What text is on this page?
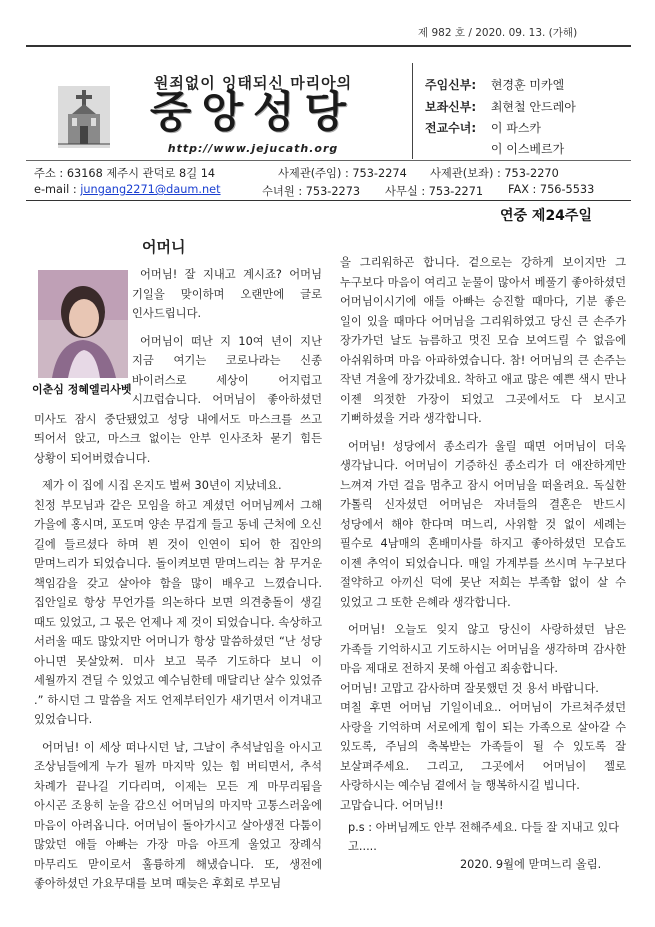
제 982 호 / 2020. 09. 13. (가해)
원죄없이 잉태되신 마리아의
중앙성당
http://www.jejucath.org
주임신부: 현경훈 미카엘
보좌신부: 최현철 안드레아
전교수녀: 이 파스카
이 이스베르가
주소 : 63168 제주시 관덕로 8길 14	사제관(주임) : 753-2274 사제관(보좌) : 753-2270
e-mail : jungang2271@daum.net	수녀원 : 753-2273 사무실 : 753-2271 FAX : 756-5533
연중 제24주일
어머니

어머님! 잘 지내고 계시죠? 어머님 기일을 맞이하며 오랜만에 글로 인사드립니다.

어머님이 떠난 지 10여 년이 지난 지금 여기는 코로나라는 신종 바이러스로 세상이 어지럽고 시끄럽습니다. 어머님이 좋아하셨던 미사도 잠시 중단됐었고 성당 내에서도 마스크를 쓰고 띄어서 앉고, 마스크 없이는 안부 인사조차 묻기 힘든 상황이 되어버렸습니다.

제가 이 집에 시집 온지도 벌써 30년이 지났네요.
친정 부모님과 같은 모임을 하고 계셨던 어머님께서 그해 가을에 홍시며, 포도며 양손 무겁게 들고 동네 근처에 오신 길에 들르셨다 하며 뵌 것이 인연이 되어 한 집안의 맏며느리가 되었습니다. 돌이켜보면 맏며느리는 참 무거운 책임감을 갖고 살아야 함을 많이 배우고 느꼈습니다. 집안일로 항상 무언가를 의논하다 보면 의견충돌이 생길 때도 있었고, 그 몫은 언제나 제 것이 되었습니다. 속상하고 서러울 때도 많았지만 어머니가 항상 말씀하셨던 “난 성당 아니면 못살았쩌. 미사 보고 묵주 기도하다 보니 이 세월까지 견딜 수 있었고 예수님한테 매달리난 살수 있었쥬 .” 하시던 그 말씀을 저도 언제부터인가 새기면서 이겨내고 있었습니다.

어머님! 이 세상 떠나시던 날, 그날이 추석날임을 아시고 조상님들에게 누가 될까 마지막 있는 힘 버티면서, 추석 차례가 끝나길 기다리며, 이제는 모든 게 마무리됨을 아시곤 조용히 눈을 감으신 어머님의 마지막 고통스러움에 마음이 아려옵니다. 어머님이 돌아가시고 살아생전 다툼이 많았던 애들 아빠는 가장 마음 아프게 울었고 장례식 마무리도 맏이로서 훌륭하게 해냈습니다. 또, 생전에 좋아하셨던 가요무대를 보며 때늦은 후회로 부모님

이춘심 정혜엘리사벳

을 그리워하곤 합니다. 겉으로는 강하게 보이지만 그 누구보다 마음이 여리고 눈물이 많아서 베풀기 좋아하셨던 어머님이시기에 애들 아빠는 승진할 때마다, 기분 좋은 일이 있을 때마다 어머님을 그리워하였고 당신 큰 손주가 장가가던 날도 늠름하고 멋진 모습 보여드릴 수 없음에 아쉬워하며 마음 아파하였습니다. 참! 어머님의 큰 손주는 작년 겨울에 장가갔네요. 착하고 애교 많은 예쁜 색시 만나 이젠 의젓한 가장이 되었고 그곳에서도 다 보시고 기뻐하셨을 거라 생각합니다.

어머님! 성당에서 종소리가 울릴 때면 어머님이 더욱 생각납니다. 어머님이 기증하신 종소리가 더 애잔하게만 느껴져 가던 걸음 멈추고 잠시 어머님을 떠올려요. 독실한 가톨릭 신자셨던 어머님은 자녀들의 결혼은 반드시 성당에서 해야 한다며 며느리, 사위할 것 없이 세례는 필수로 4남매의 혼배미사를 하지고 좋아하셨던 모습도 이젠 추억이 되었습니다. 매일 가계부를 쓰시며 누구보다 절약하고 아끼신 덕에 못난 저희는 부족함 없이 살 수 있었고 그 또한 은혜라 생각합니다.

어머님! 오늘도 잊지 않고 당신이 사랑하셨던 남은 가족들 기억하시고 기도하시는 어머님을 생각하며 감사한 마음 제대로 전하지 못해 아쉽고 죄송합니다.
어머님! 고맙고 감사하며 잘못했던 것 용서 바랍니다.
며칠 후면 어머님 기일이네요.. 어머님이 가르쳐주셨던 사랑을 기억하며 서로에게 힘이 되는 가족으로 살아갈 수 있도록, 주님의 축복받는 가족들이 될 수 있도록 잘 보살펴주세요. 그리고, 그곳에서 어머님이 젤로 사랑하시는 예수님 곁에서 늘 행복하시길 빕니다.
고맙습니다. 어머님!!

p.s : 아버님께도 안부 전해주세요. 다들 잘 지내고 있다고.....
2020. 9월에 맏며느리 올림.
